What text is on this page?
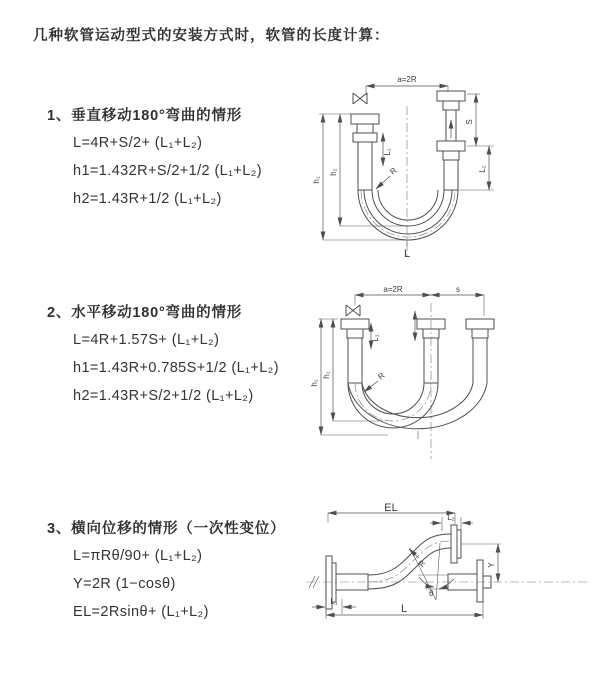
几种软管运动型式的安装方式时，软管的长度计算：
1、垂直移动180°弯曲的情形
L=4R+S/2+ (L₁+L₂)
h1=1.432R+S/2+1/2 (L₁+L₂)
h2=1.43R+1/2 (L₁+L₂)
2、水平移动180°弯曲的情形
L=4R+1.57S+ (L₁+L₂)
h1=1.43R+0.785S+1/2 (L₁+L₂)
h2=1.43R+S/2+1/2 (L₁+L₂)
3、横向位移的情形（一次性变位）
L=πRθ/90+ (L₁+L₂)
Y=2R (1−cosθ)
EL=2Rsinθ+ (L₁+L₂)
a=2R
L₁
S
L₂
h₁
h₂	R
L
a=2R	s
L₁
h₁
h₂	R
EL
L₂
L₁
Y
θ
R
L
